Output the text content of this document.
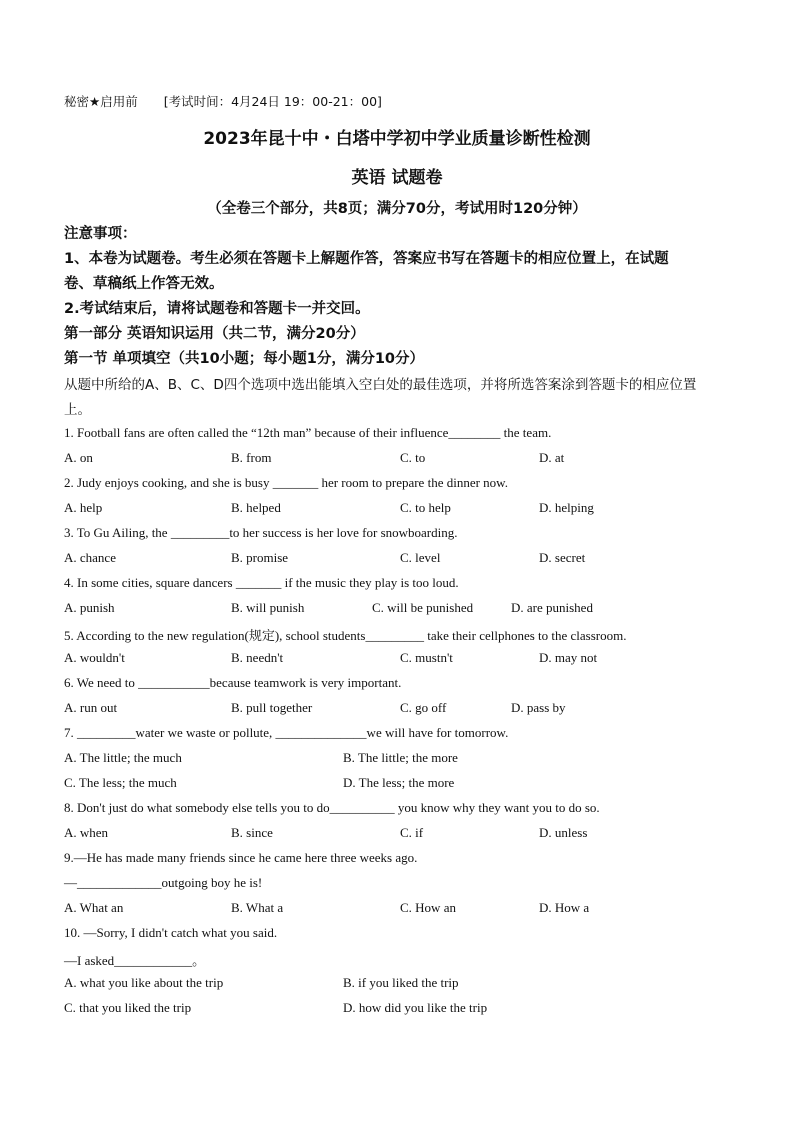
秘密★启用前 [考试时间：4月24日 19：00-21：00]
2023年昆十中・白塔中学初中学业质量诊断性检测
英语 试题卷
（全卷三个部分，共8页；满分70分，考试用时120分钟）
注意事项：
1、本卷为试题卷。考生必须在答题卡上解题作答，答案应书写在答题卡的相应位置上，在试题
卷、草稿纸上作答无效。
2.考试结束后，请将试题卷和答题卡一并交回。
第一部分 英语知识运用（共二节，满分20分）
第一节 单项填空（共10小题；每小题1分，满分10分）
从题中所给的A、B、C、D四个选项中选出能填入空白处的最佳选项，并将所选答案涂到答题卡的相应位置
上。
1. Football fans are often called the “12th man” because of their influence________ the team.
A. on	B. from	C. to	D. at
2. Judy enjoys cooking, and she is busy _______ her room to prepare the dinner now.
A. help	B. helped	C. to help	D. helping
3. To Gu Ailing, the _________to her success is her love for snowboarding.
A. chance	B. promise	C. level	D. secret
4. In some cities, square dancers _______ if the music they play is too loud.
A. punish	B. will punish	C. will be punished	D. are punished
5. According to the new regulation(规定), school students_________ take their cellphones to the classroom.
A. wouldn't	B. needn't	C. mustn't	D. may not
6. We need to ___________because teamwork is very important.
A. run out	B. pull together	C. go off	D. pass by
7. _________water we waste or pollute, ______________we will have for tomorrow.
A. The little; the much	B. The little; the more
C. The less; the much	D. The less; the more
8. Don't just do what somebody else tells you to do__________ you know why they want you to do so.
A. when	B. since	C. if	D. unless
9.—He has made many friends since he came here three weeks ago.
—_____________outgoing boy he is!
A. What an	B. What a	C. How an	D. How a
10. —Sorry, I didn't catch what you said.
—I asked____________。
A. what you like about the trip	B. if you liked the trip
C. that you liked the trip	D. how did you like the trip
